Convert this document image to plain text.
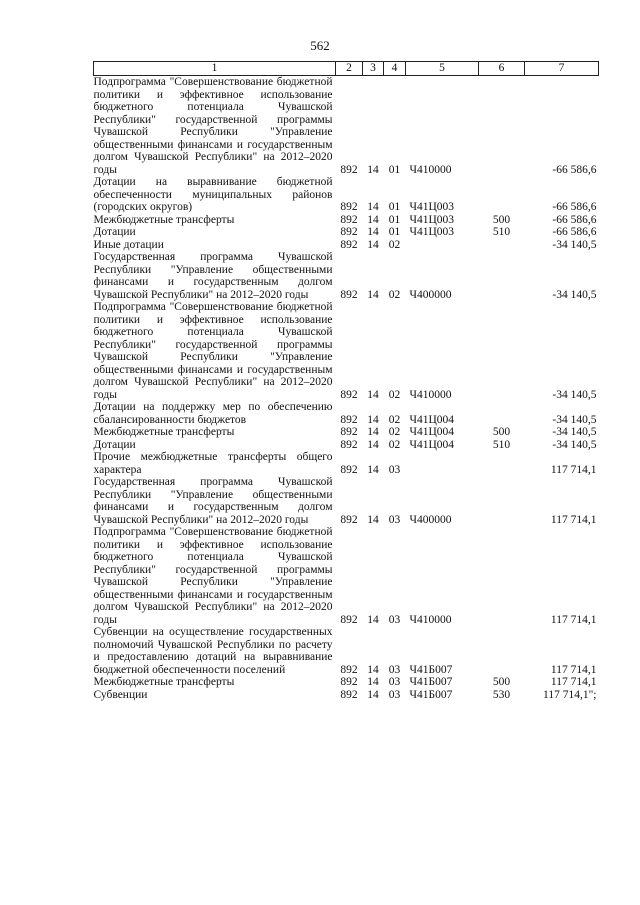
562
1	2	3	4	5	6	7
Подпрограмма "Совершенствование бюджетной политики и эффективное использование бюджетного потенциала Чувашской Республики" государственной программы Чувашской Республики "Управление общественными финансами и государственным долгом Чувашской Республики" на 2012–2020 годы	892	14	01	Ч410000		-66 586,6
Дотации на выравнивание бюджетной обеспеченности муниципальных районов (городских округов)	892	14	01	Ч41Ц003		-66 586,6
Межбюджетные трансферты	892	14	01	Ч41Ц003	500	-66 586,6
Дотации	892	14	01	Ч41Ц003	510	-66 586,6
Иные дотации	892	14	02			-34 140,5
Государственная программа Чувашской Республики "Управление общественными финансами и государственным долгом Чувашской Республики" на 2012–2020 годы	892	14	02	Ч400000		-34 140,5
Подпрограмма "Совершенствование бюджетной политики и эффективное использование бюджетного потенциала Чувашской Республики" государственной программы Чувашской Республики "Управление общественными финансами и государственным долгом Чувашской Республики" на 2012–2020 годы	892	14	02	Ч410000		-34 140,5
Дотации на поддержку мер по обеспечению сбалансированности бюджетов	892	14	02	Ч41Ц004		-34 140,5
Межбюджетные трансферты	892	14	02	Ч41Ц004	500	-34 140,5
Дотации	892	14	02	Ч41Ц004	510	-34 140,5
Прочие межбюджетные трансферты общего характера	892	14	03			117 714,1
Государственная программа Чувашской Республики "Управление общественными финансами и государственным долгом Чувашской Республики" на 2012–2020 годы	892	14	03	Ч400000		117 714,1
Подпрограмма "Совершенствование бюджетной политики и эффективное использование бюджетного потенциала Чувашской Республики" государственной программы Чувашской Республики "Управление общественными финансами и государственным долгом Чувашской Республики" на 2012–2020 годы	892	14	03	Ч410000		117 714,1
Субвенции на осуществление государственных полномочий Чувашской Республики по расчету и предоставлению дотаций на выравнивание бюджетной обеспеченности поселений	892	14	03	Ч41Б007		117 714,1
Межбюджетные трансферты	892	14	03	Ч41Б007	500	117 714,1
Субвенции	892	14	03	Ч41Б007	530	117 714,1";
